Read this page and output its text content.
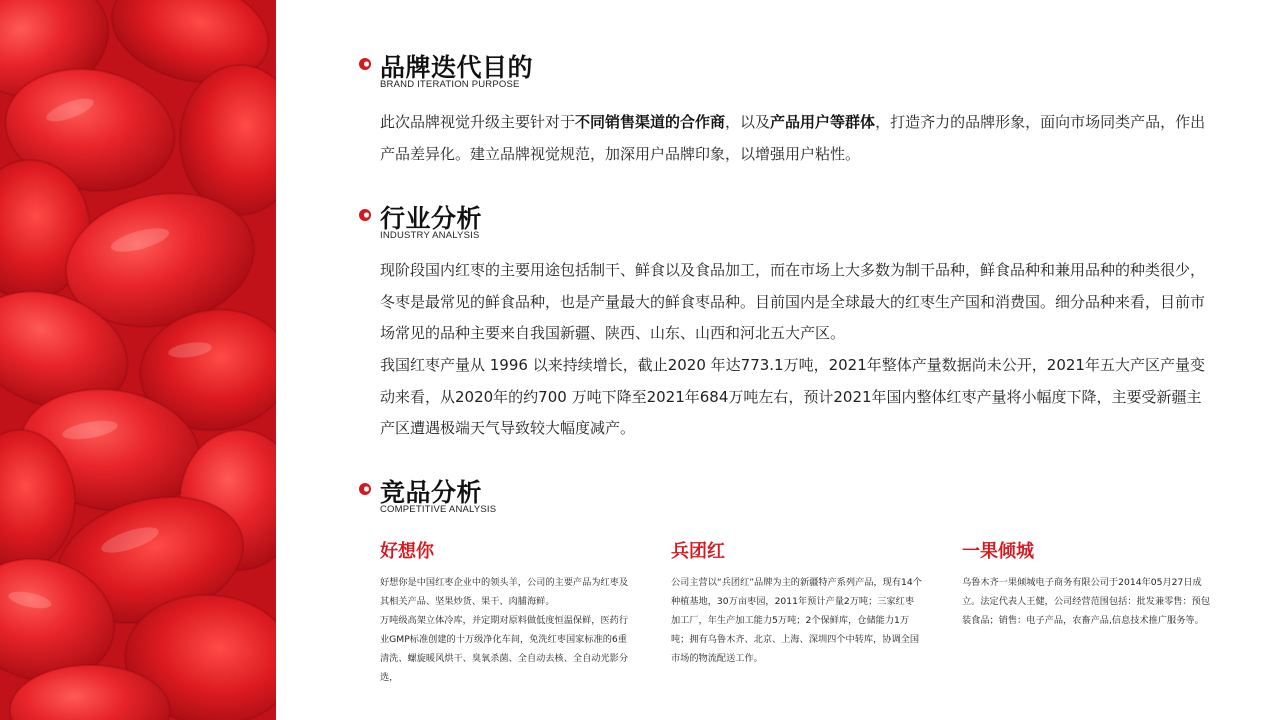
品牌迭代目的
BRAND ITERATION PURPOSE
此次品牌视觉升级主要针对于不同销售渠道的合作商，以及产品用户等群体，打造齐力的品牌形象，面向市场同类产品，作出产品差异化。建立品牌视觉规范，加深用户品牌印象，以增强用户粘性。
行业分析
INDUSTRY ANALYSIS
现阶段国内红枣的主要用途包括制干、鲜食以及食品加工，而在市场上大多数为制干品种，鲜食品种和兼用品种的种类很少，冬枣是最常见的鲜食品种，也是产量最大的鲜食枣品种。目前国内是全球最大的红枣生产国和消费国。细分品种来看，目前市场常见的品种主要来自我国新疆、陕西、山东、山西和河北五大产区。
我国红枣产量从 1996 以来持续增长，截止2020 年达773.1万吨，2021年整体产量数据尚未公开，2021年五大产区产量变动来看，从2020年的约700 万吨下降至2021年684万吨左右，预计2021年国内整体红枣产量将小幅度下降，主要受新疆主产区遭遇极端天气导致较大幅度减产。
竞品分析
COMPETITIVE ANALYSIS
好想你
好想你是中国红枣企业中的领头羊，公司的主要产品为红枣及其相关产品、坚果炒货、果干、肉脯海鲜。
万吨级高架立体冷库，并定期对原料做低度恒温保鲜，医药行业GMP标准创建的十万级净化车间，免洗红枣国家标准的6重清洗、螺旋暖风烘干、臭氧杀菌、全自动去核、全自动光影分选，
兵团红
公司主营以“兵团红”品牌为主的新疆特产系列产品，现有14个种植基地，30万亩枣园，2011年预计产量2万吨；三家红枣加工厂，年生产加工能力5万吨；2个保鲜库，仓储能力1万吨；拥有乌鲁木齐、北京、上海、深圳四个中转库，协调全国市场的物流配送工作。
一果倾城
乌鲁木齐一果倾城电子商务有限公司于2014年05月27日成立。法定代表人王健，公司经营范围包括：批发兼零售：预包装食品；销售：电子产品，农畜产品,信息技术推广服务等。
